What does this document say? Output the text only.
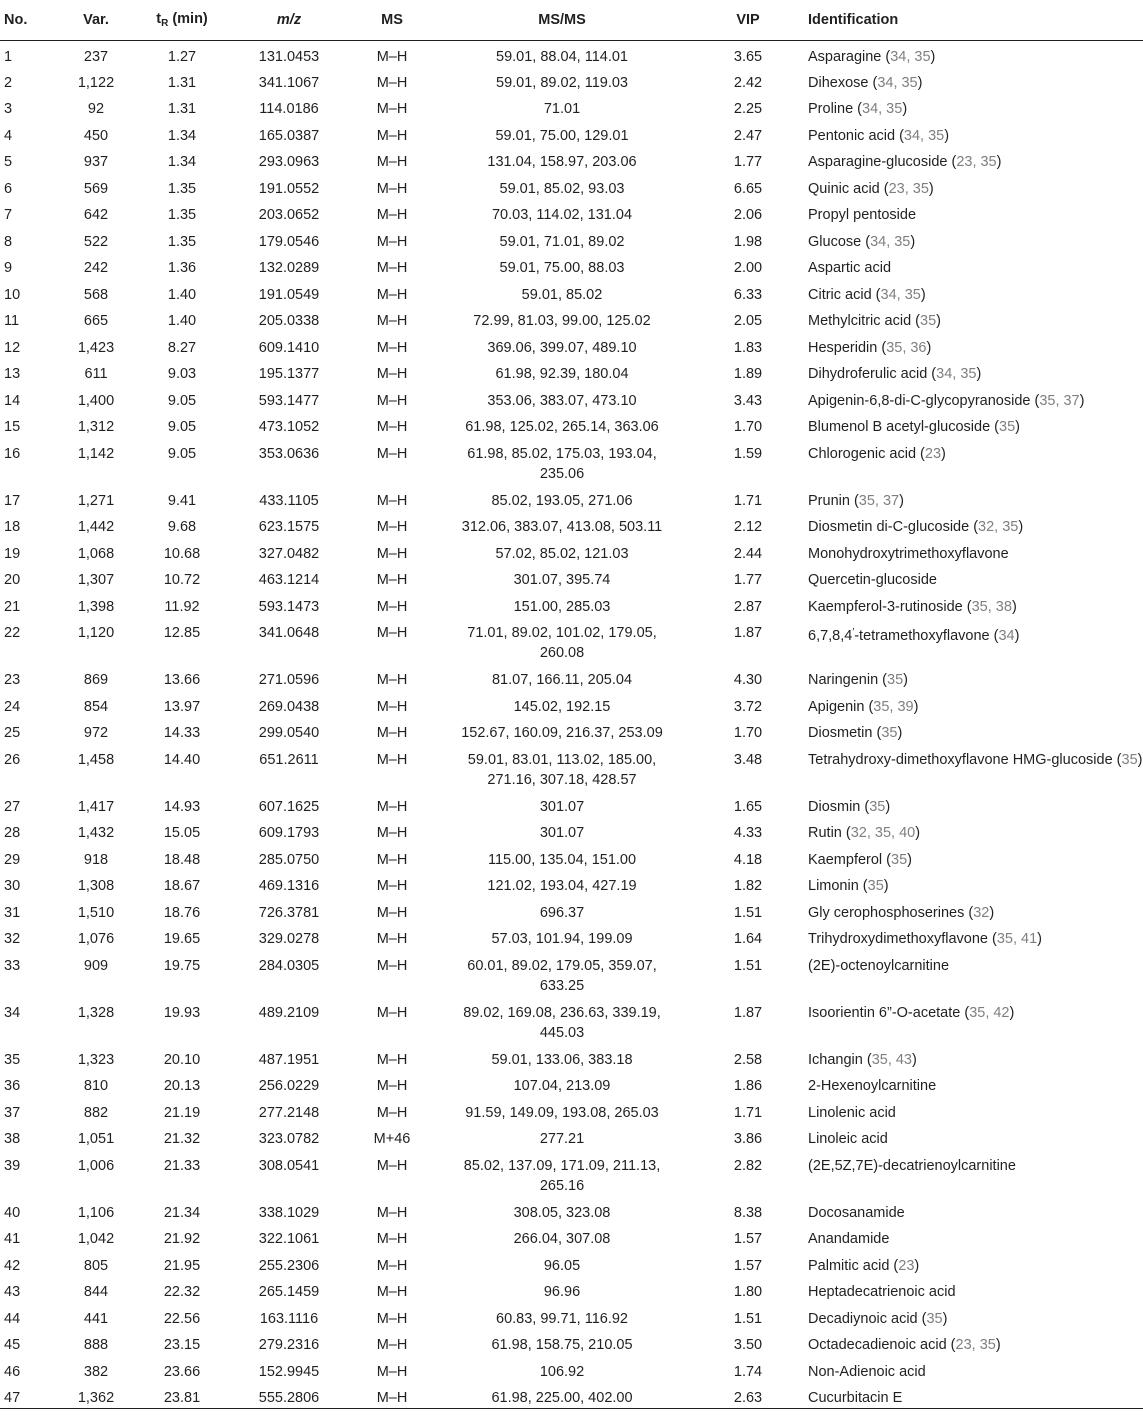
No.	Var.	$t_R$ (min)	m/z	MS	MS/MS	VIP	Identification
1	237	1.27	131.0453	M–H	59.01, 88.04, 114.01	3.65	Asparagine (34, 35)
2	1,122	1.31	341.1067	M–H	59.01, 89.02, 119.03	2.42	Dihexose (34, 35)
3	92	1.31	114.0186	M–H	71.01	2.25	Proline (34, 35)
4	450	1.34	165.0387	M–H	59.01, 75.00, 129.01	2.47	Pentonic acid (34, 35)
5	937	1.34	293.0963	M–H	131.04, 158.97, 203.06	1.77	Asparagine-glucoside (23, 35)
6	569	1.35	191.0552	M–H	59.01, 85.02, 93.03	6.65	Quinic acid (23, 35)
7	642	1.35	203.0652	M–H	70.03, 114.02, 131.04	2.06	Propyl pentoside
8	522	1.35	179.0546	M–H	59.01, 71.01, 89.02	1.98	Glucose (34, 35)
9	242	1.36	132.0289	M–H	59.01, 75.00, 88.03	2.00	Aspartic acid
10	568	1.40	191.0549	M–H	59.01, 85.02	6.33	Citric acid (34, 35)
11	665	1.40	205.0338	M–H	72.99, 81.03, 99.00, 125.02	2.05	Methylcitric acid (35)
12	1,423	8.27	609.1410	M–H	369.06, 399.07, 489.10	1.83	Hesperidin (35, 36)
13	611	9.03	195.1377	M–H	61.98, 92.39, 180.04	1.89	Dihydroferulic acid (34, 35)
14	1,400	9.05	593.1477	M–H	353.06, 383.07, 473.10	3.43	Apigenin-6,8-di-C-glycopyranoside (35, 37)
15	1,312	9.05	473.1052	M–H	61.98, 125.02, 265.14, 363.06	1.70	Blumenol B acetyl-glucoside (35)
16	1,142	9.05	353.0636	M–H	61.98, 85.02, 175.03, 193.04, 235.06	1.59	Chlorogenic acid (23)
17	1,271	9.41	433.1105	M–H	85.02, 193.05, 271.06	1.71	Prunin (35, 37)
18	1,442	9.68	623.1575	M–H	312.06, 383.07, 413.08, 503.11	2.12	Diosmetin di-C-glucoside (32, 35)
19	1,068	10.68	327.0482	M–H	57.02, 85.02, 121.03	2.44	Monohydroxytrimethoxyflavone
20	1,307	10.72	463.1214	M–H	301.07, 395.74	1.77	Quercetin-glucoside
21	1,398	11.92	593.1473	M–H	151.00, 285.03	2.87	Kaempferol-3-rutinoside (35, 38)
22	1,120	12.85	341.0648	M–H	71.01, 89.02, 101.02, 179.05, 260.08	1.87	6,7,8,4′-tetramethoxyflavone (34)
23	869	13.66	271.0596	M–H	81.07, 166.11, 205.04	4.30	Naringenin (35)
24	854	13.97	269.0438	M–H	145.02, 192.15	3.72	Apigenin (35, 39)
25	972	14.33	299.0540	M–H	152.67, 160.09, 216.37, 253.09	1.70	Diosmetin (35)
26	1,458	14.40	651.2611	M–H	59.01, 83.01, 113.02, 185.00, 271.16, 307.18, 428.57	3.48	Tetrahydroxy-dimethoxyflavone HMG-glucoside (35)
27	1,417	14.93	607.1625	M–H	301.07	1.65	Diosmin (35)
28	1,432	15.05	609.1793	M–H	301.07	4.33	Rutin (32, 35, 40)
29	918	18.48	285.0750	M–H	115.00, 135.04, 151.00	4.18	Kaempferol (35)
30	1,308	18.67	469.1316	M–H	121.02, 193.04, 427.19	1.82	Limonin (35)
31	1,510	18.76	726.3781	M–H	696.37	1.51	Gly cerophosphoserines (32)
32	1,076	19.65	329.0278	M–H	57.03, 101.94, 199.09	1.64	Trihydroxydimethoxyflavone (35, 41)
33	909	19.75	284.0305	M–H	60.01, 89.02, 179.05, 359.07, 633.25	1.51	(2E)-octenoylcarnitine
34	1,328	19.93	489.2109	M–H	89.02, 169.08, 236.63, 339.19, 445.03	1.87	Isoorientin 6”-O-acetate (35, 42)
35	1,323	20.10	487.1951	M–H	59.01, 133.06, 383.18	2.58	Ichangin (35, 43)
36	810	20.13	256.0229	M–H	107.04, 213.09	1.86	2-Hexenoylcarnitine
37	882	21.19	277.2148	M–H	91.59, 149.09, 193.08, 265.03	1.71	Linolenic acid
38	1,051	21.32	323.0782	M+46	277.21	3.86	Linoleic acid
39	1,006	21.33	308.0541	M–H	85.02, 137.09, 171.09, 211.13, 265.16	2.82	(2E,5Z,7E)-decatrienoylcarnitine
40	1,106	21.34	338.1029	M–H	308.05, 323.08	8.38	Docosanamide
41	1,042	21.92	322.1061	M–H	266.04, 307.08	1.57	Anandamide
42	805	21.95	255.2306	M–H	96.05	1.57	Palmitic acid (23)
43	844	22.32	265.1459	M–H	96.96	1.80	Heptadecatrienoic acid
44	441	22.56	163.1116	M–H	60.83, 99.71, 116.92	1.51	Decadiynoic acid (35)
45	888	23.15	279.2316	M–H	61.98, 158.75, 210.05	3.50	Octadecadienoic acid (23, 35)
46	382	23.66	152.9945	M–H	106.92	1.74	Non-Adienoic acid
47	1,362	23.81	555.2806	M–H	61.98, 225.00, 402.00	2.63	Cucurbitacin E
